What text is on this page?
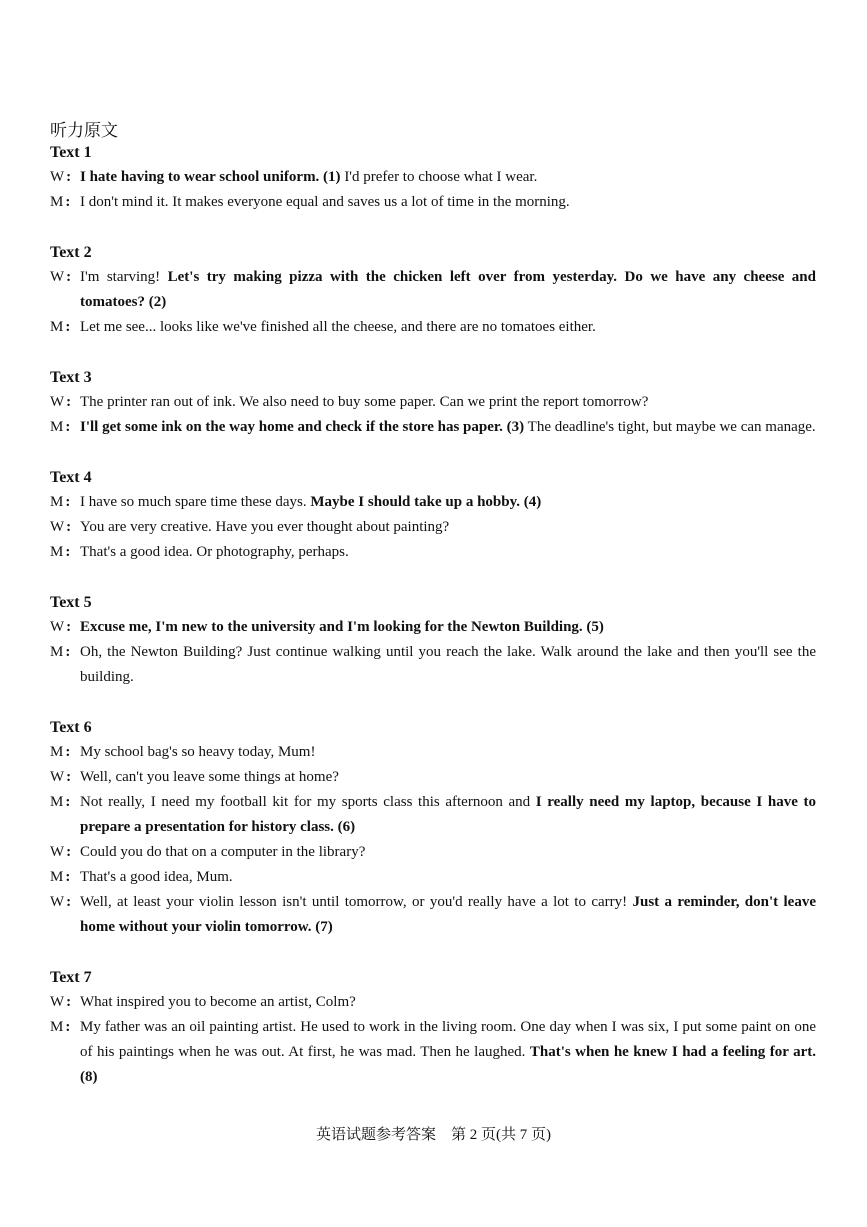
听力原文
Text 1
W : I hate having to wear school uniform. (1) I'd prefer to choose what I wear.
M : I don't mind it. It makes everyone equal and saves us a lot of time in the morning.
Text 2
W : I'm starving! Let's try making pizza with the chicken left over from yesterday. Do we have any cheese and tomatoes? (2)
M : Let me see... looks like we've finished all the cheese, and there are no tomatoes either.
Text 3
W : The printer ran out of ink. We also need to buy some paper. Can we print the report tomorrow?
M : I'll get some ink on the way home and check if the store has paper. (3) The deadline's tight, but maybe we can manage.
Text 4
M : I have so much spare time these days. Maybe I should take up a hobby. (4)
W : You are very creative. Have you ever thought about painting?
M : That's a good idea. Or photography, perhaps.
Text 5
W : Excuse me, I'm new to the university and I'm looking for the Newton Building. (5)
M : Oh, the Newton Building? Just continue walking until you reach the lake. Walk around the lake and then you'll see the building.
Text 6
M : My school bag's so heavy today, Mum!
W : Well, can't you leave some things at home?
M : Not really, I need my football kit for my sports class this afternoon and I really need my laptop, because I have to prepare a presentation for history class. (6)
W : Could you do that on a computer in the library?
M : That's a good idea, Mum.
W : Well, at least your violin lesson isn't until tomorrow, or you'd really have a lot to carry! Just a reminder, don't leave home without your violin tomorrow. (7)
Text 7
W : What inspired you to become an artist, Colm?
M : My father was an oil painting artist. He used to work in the living room. One day when I was six, I put some paint on one of his paintings when he was out. At first, he was mad. Then he laughed. That's when he knew I had a feeling for art. (8)
英语试题参考答案　第 2 页(共 7 页)
